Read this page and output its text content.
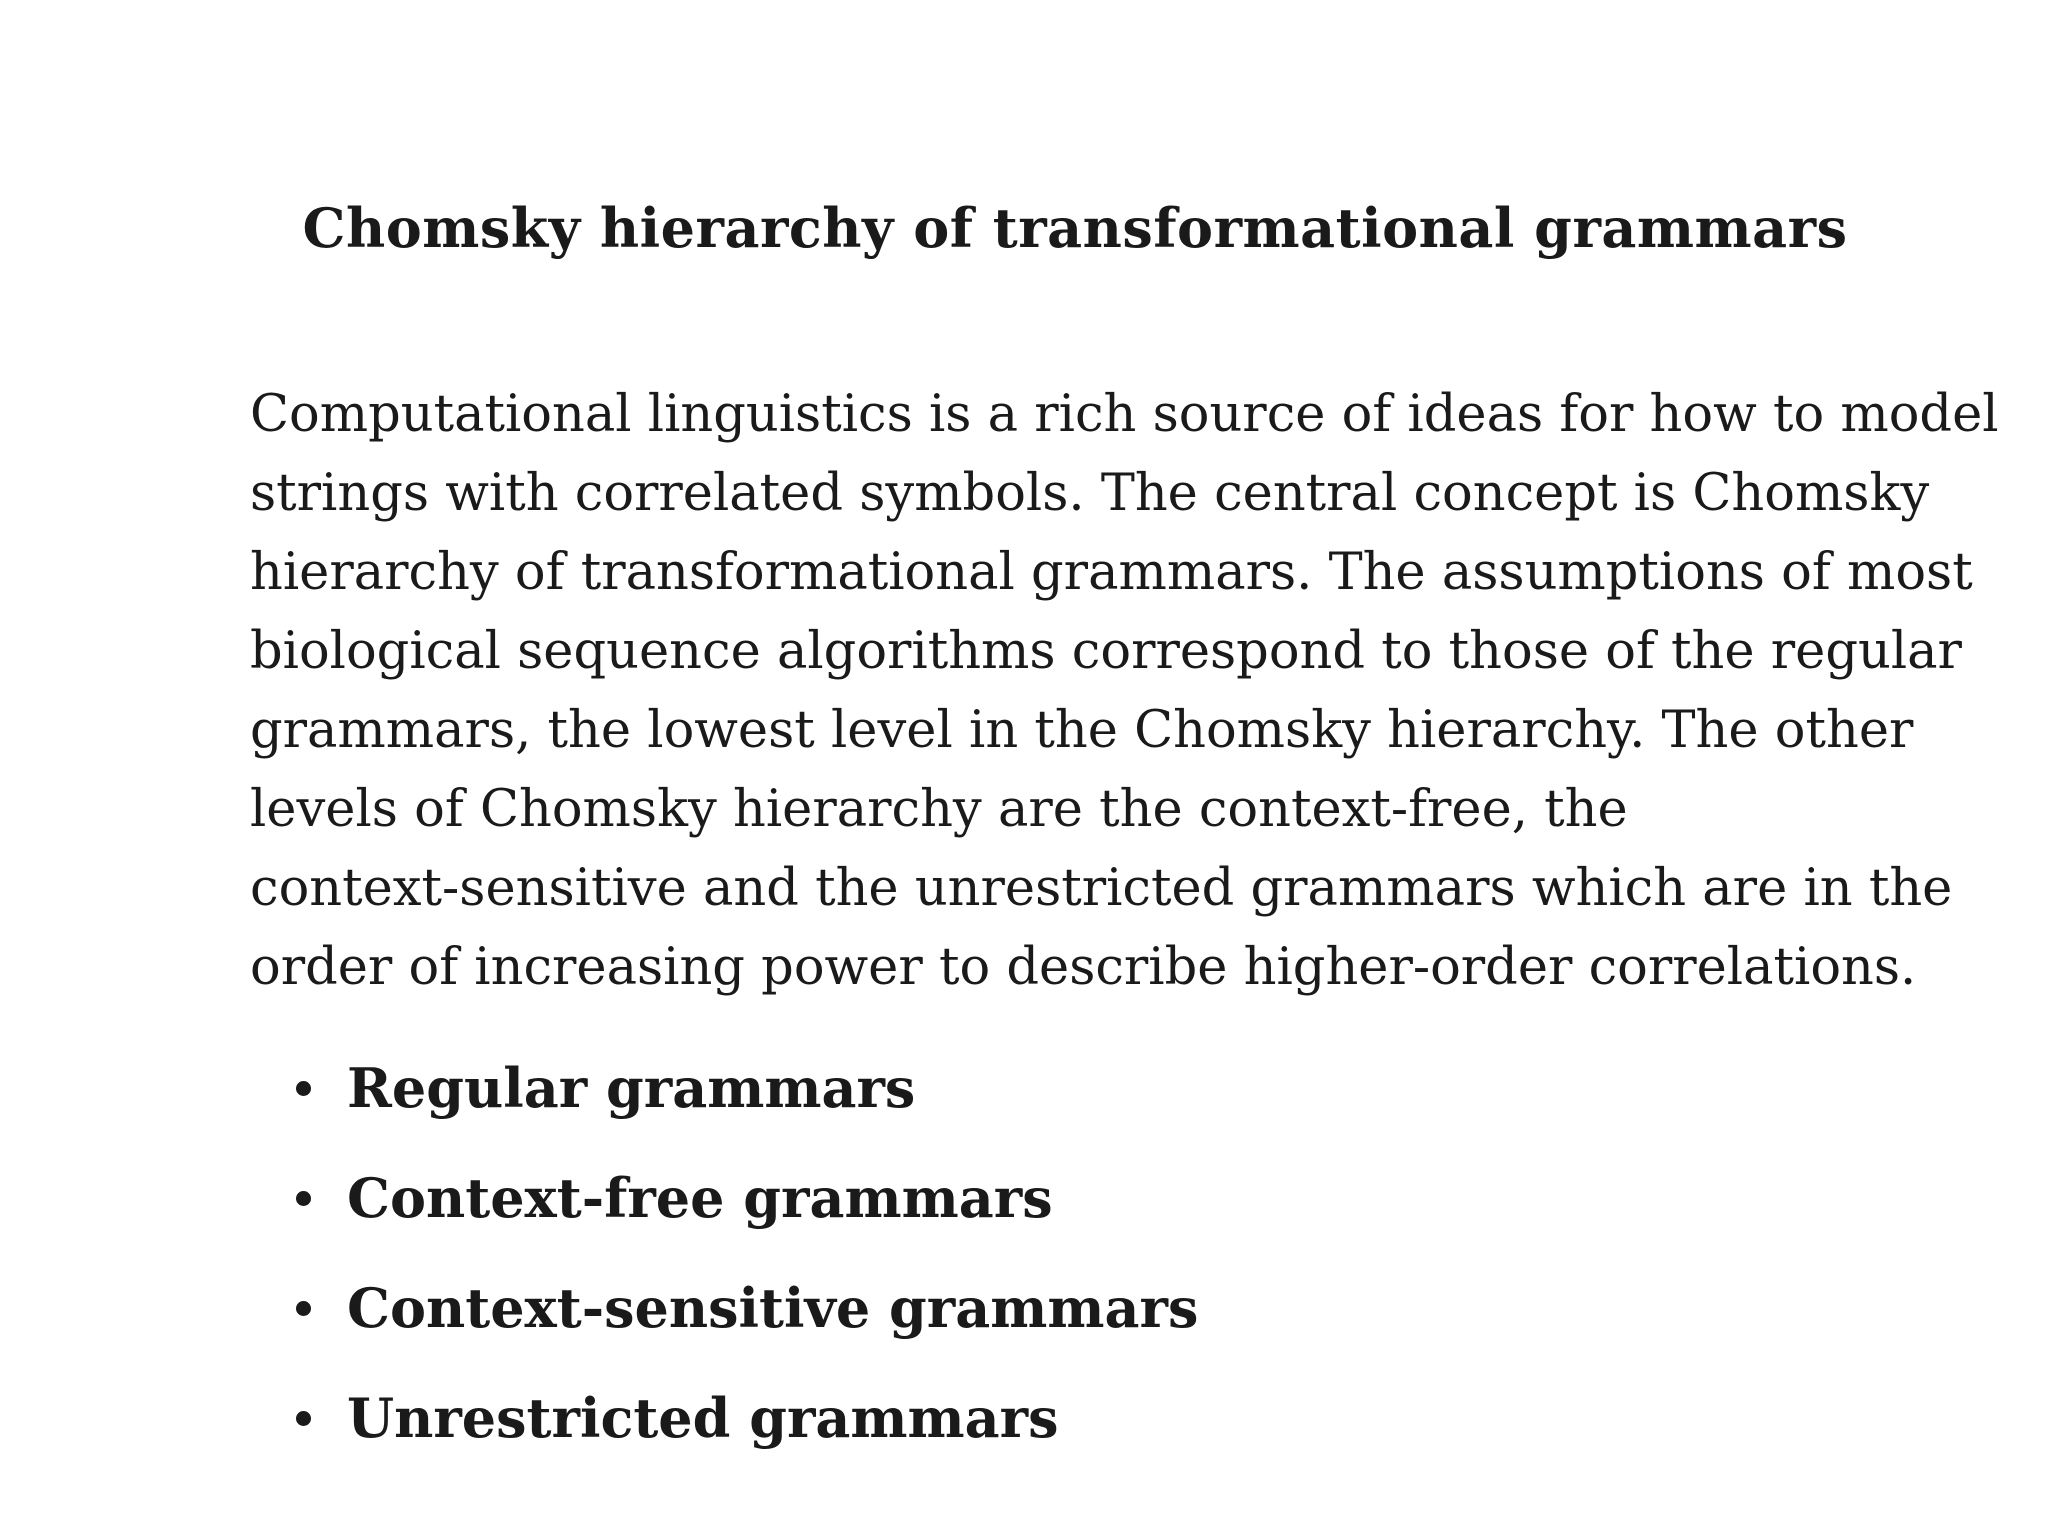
Chomsky hierarchy of transformational grammars
Computational linguistics is a rich source of ideas for how to model
strings with correlated symbols. The central concept is Chomsky
hierarchy of transformational grammars. The assumptions of most
biological sequence algorithms correspond to those of the regular
grammars, the lowest level in the Chomsky hierarchy. The other
levels of Chomsky hierarchy are the context-free, the
context-sensitive and the unrestricted grammars which are in the
order of increasing power to describe higher-order correlations.
Regular grammars
Context-free grammars
Context-sensitive grammars
Unrestricted grammars
